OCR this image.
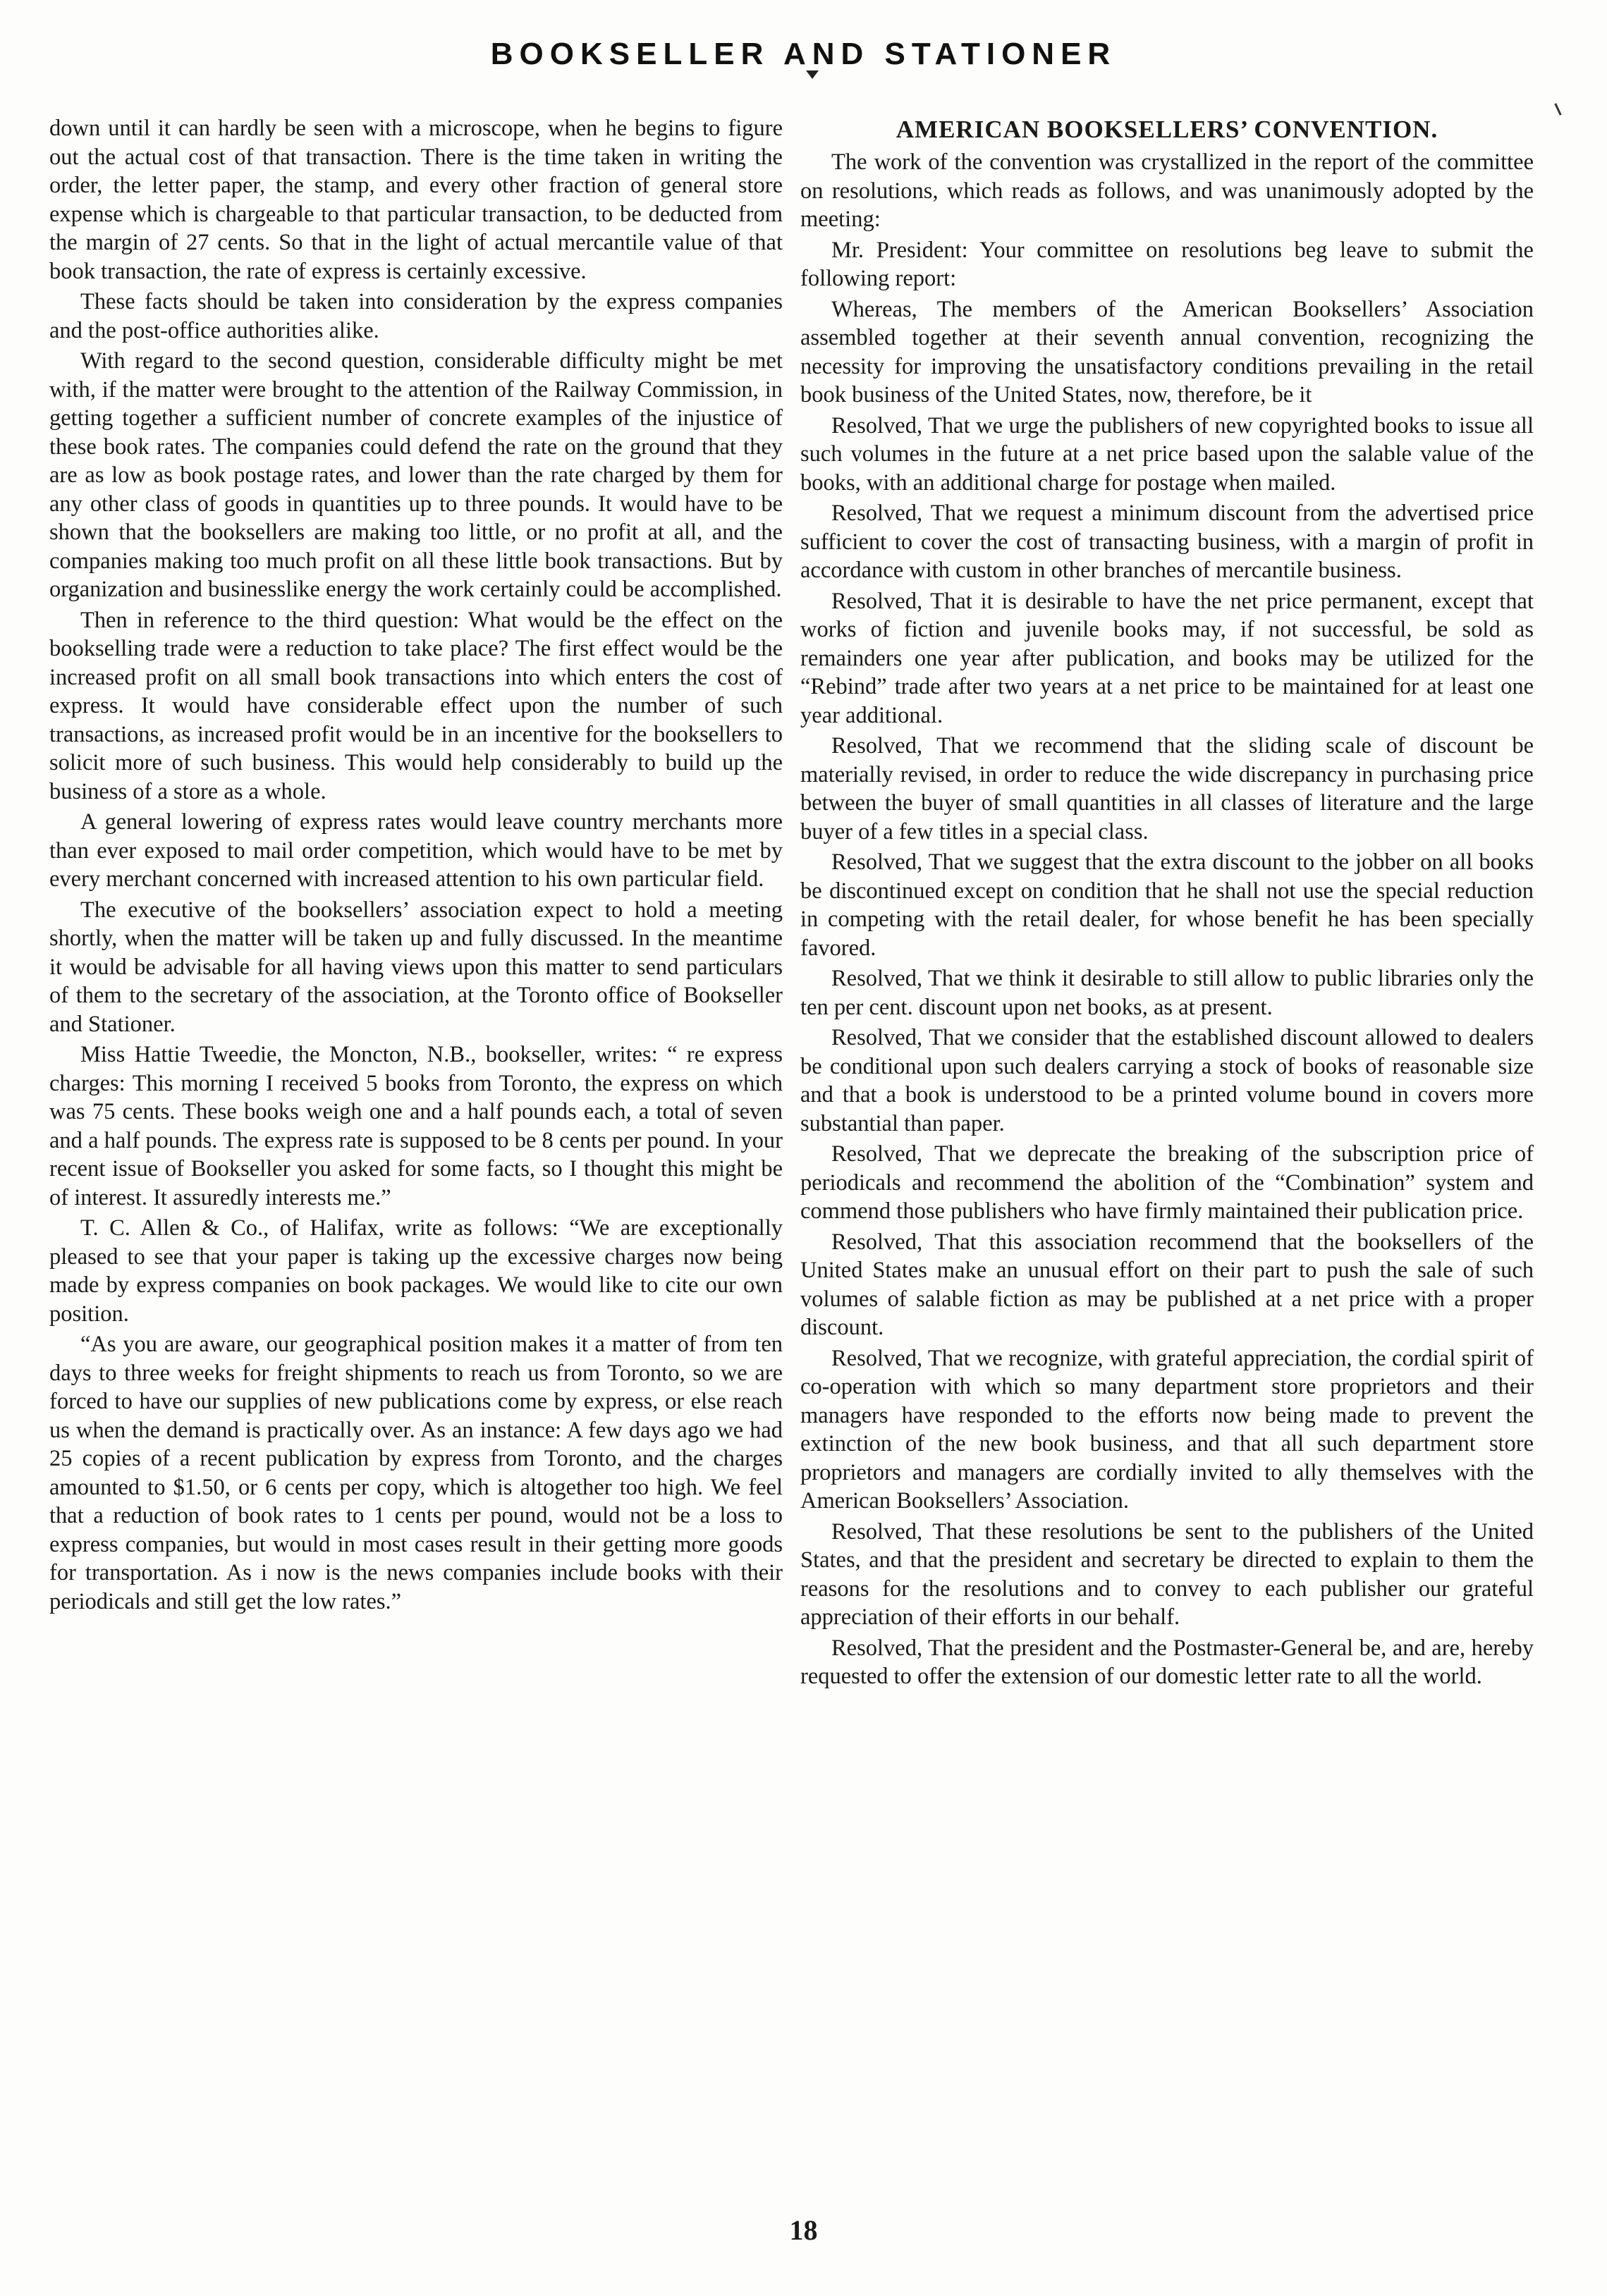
BOOKSELLER AND STATIONER

down until it can hardly be seen with a microscope, when he begins to figure out the actual cost of that transaction. There is the time taken in writing the order, the letter paper, the stamp, and every other fraction of general store expense which is chargeable to that particular transaction, to be deducted from the margin of 27 cents. So that in the light of actual mercantile value of that book transaction, the rate of express is certainly excessive.

These facts should be taken into consideration by the express companies and the post-office authorities alike.

With regard to the second question, considerable difficulty might be met with, if the matter were brought to the attention of the Railway Commission, in getting together a sufficient number of concrete examples of the injustice of these book rates. The companies could defend the rate on the ground that they are as low as book postage rates, and lower than the rate charged by them for any other class of goods in quantities up to three pounds. It would have to be shown that the booksellers are making too little, or no profit at all, and the companies making too much profit on all these little book transactions. But by organization and businesslike energy the work certainly could be accomplished.

Then in reference to the third question: What would be the effect on the bookselling trade were a reduction to take place? The first effect would be the increased profit on all small book transactions into which enters the cost of express. It would have considerable effect upon the number of such transactions, as increased profit would be in an incentive for the booksellers to solicit more of such business. This would help considerably to build up the business of a store as a whole.

A general lowering of express rates would leave country merchants more than ever exposed to mail order competition, which would have to be met by every merchant concerned with increased attention to his own particular field.

The executive of the booksellers’ association expect to hold a meeting shortly, when the matter will be taken up and fully discussed. In the meantime it would be advisable for all having views upon this matter to send particulars of them to the secretary of the association, at the Toronto office of Bookseller and Stationer.

Miss Hattie Tweedie, the Moncton, N.B., bookseller, writes: “ re express charges: This morning I received 5 books from Toronto, the express on which was 75 cents. These books weigh one and a half pounds each, a total of seven and a half pounds. The express rate is supposed to be 8 cents per pound. In your recent issue of Bookseller you asked for some facts, so I thought this might be of interest. It assuredly interests me.”

T. C. Allen & Co., of Halifax, write as follows: “We are exceptionally pleased to see that your paper is taking up the excessive charges now being made by express companies on book packages. We would like to cite our own position.

“As you are aware, our geographical position makes it a matter of from ten days to three weeks for freight shipments to reach us from Toronto, so we are forced to have our supplies of new publications come by express, or else reach us when the demand is practically over. As an instance: A few days ago we had 25 copies of a recent publication by express from Toronto, and the charges amounted to $1.50, or 6 cents per copy, which is altogether too high. We feel that a reduction of book rates to 1 cents per pound, would not be a loss to express companies, but would in most cases result in their getting more goods for transportation. As i now is the news companies include books with their periodicals and still get the low rates.”

AMERICAN BOOKSELLERS’ CONVENTION.

The work of the convention was crystallized in the report of the committee on resolutions, which reads as follows, and was unanimously adopted by the meeting:

Mr. President: Your committee on resolutions beg leave to submit the following report:

Whereas, The members of the American Booksellers’ Association assembled together at their seventh annual convention, recognizing the necessity for improving the unsatisfactory conditions prevailing in the retail book business of the United States, now, therefore, be it

Resolved, That we urge the publishers of new copyrighted books to issue all such volumes in the future at a net price based upon the salable value of the books, with an additional charge for postage when mailed.

Resolved, That we request a minimum discount from the advertised price sufficient to cover the cost of transacting business, with a margin of profit in accordance with custom in other branches of mercantile business.

Resolved, That it is desirable to have the net price permanent, except that works of fiction and juvenile books may, if not successful, be sold as remainders one year after publication, and books may be utilized for the “Rebind” trade after two years at a net price to be maintained for at least one year additional.

Resolved, That we recommend that the sliding scale of discount be materially revised, in order to reduce the wide discrepancy in purchasing price between the buyer of small quantities in all classes of literature and the large buyer of a few titles in a special class.

Resolved, That we suggest that the extra discount to the jobber on all books be discontinued except on condition that he shall not use the special reduction in competing with the retail dealer, for whose benefit he has been specially favored.

Resolved, That we think it desirable to still allow to public libraries only the ten per cent. discount upon net books, as at present.

Resolved, That we consider that the established discount allowed to dealers be conditional upon such dealers carrying a stock of books of reasonable size and that a book is understood to be a printed volume bound in covers more substantial than paper.

Resolved, That we deprecate the breaking of the subscription price of periodicals and recommend the abolition of the “Combination” system and commend those publishers who have firmly maintained their publication price.

Resolved, That this association recommend that the booksellers of the United States make an unusual effort on their part to push the sale of such volumes of salable fiction as may be published at a net price with a proper discount.

Resolved, That we recognize, with grateful appreciation, the cordial spirit of co-operation with which so many department store proprietors and their managers have responded to the efforts now being made to prevent the extinction of the new book business, and that all such department store proprietors and managers are cordially invited to ally themselves with the American Booksellers’ Association.

Resolved, That these resolutions be sent to the publishers of the United States, and that the president and secretary be directed to explain to them the reasons for the resolutions and to convey to each publisher our grateful appreciation of their efforts in our behalf.

Resolved, That the president and the Postmaster-General be, and are, hereby requested to offer the extension of our domestic letter rate to all the world.

18
